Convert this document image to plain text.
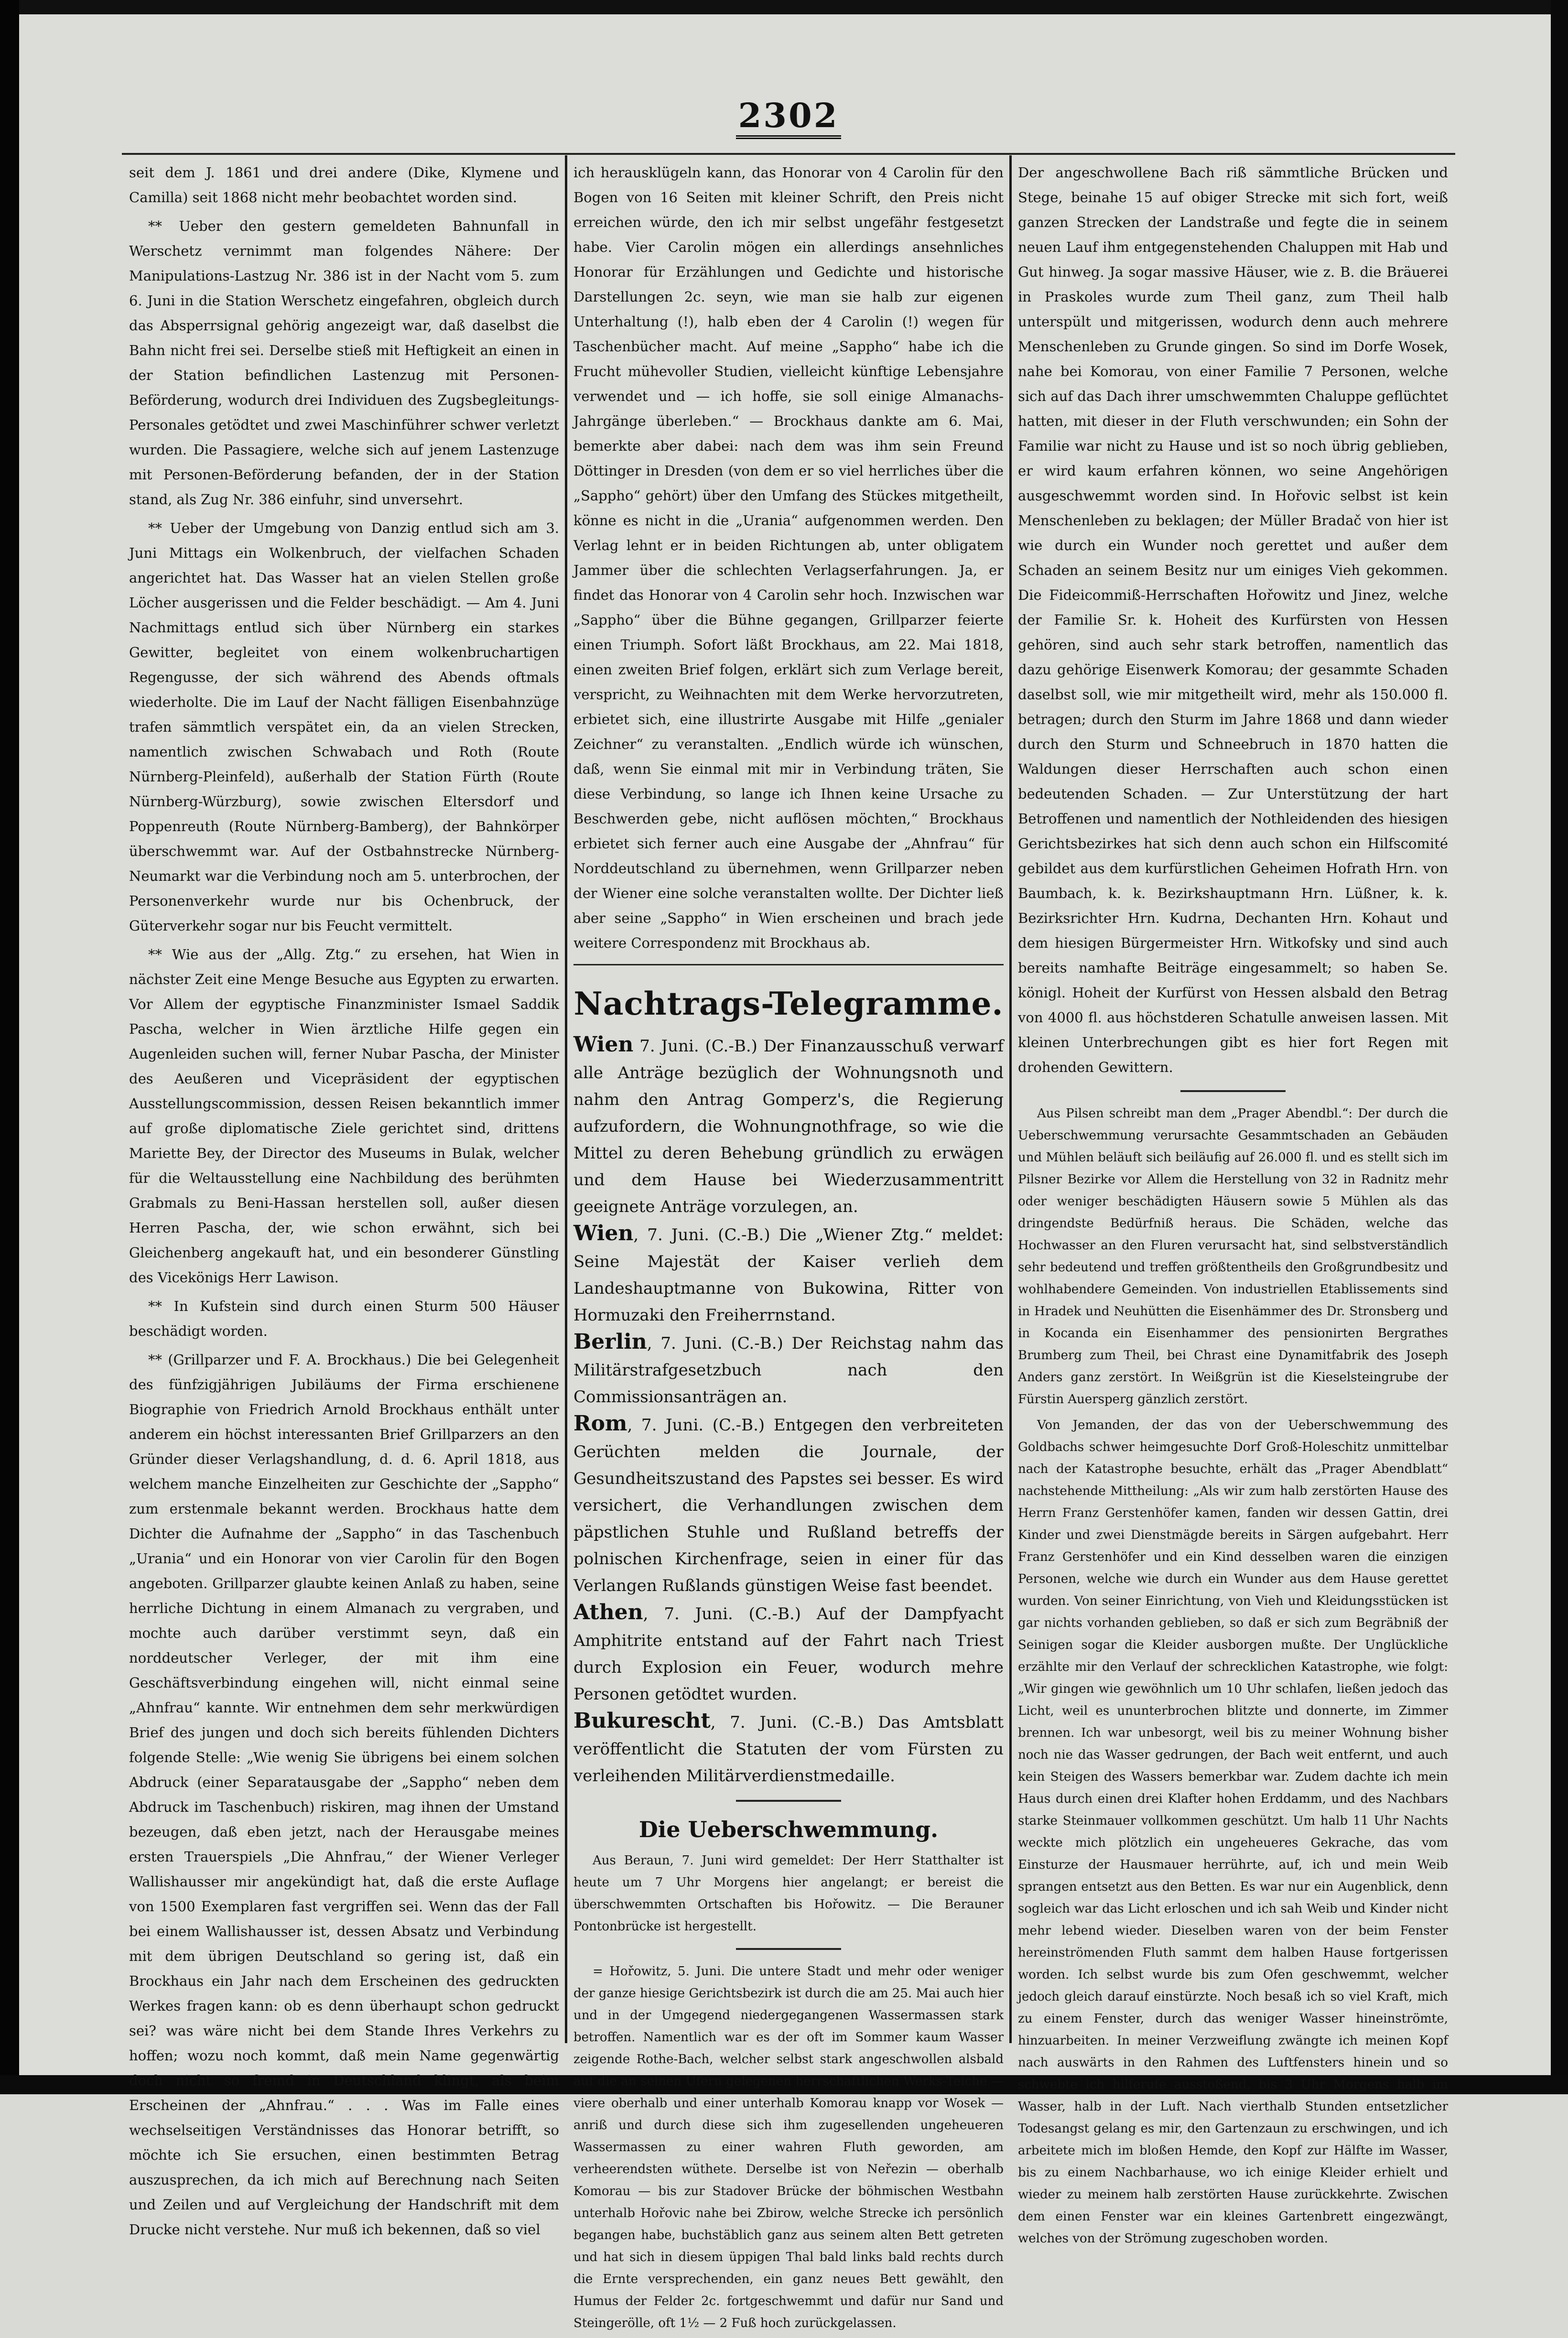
2302

seit dem J. 1861 und drei andere (Dike, Klymene und Camilla) seit 1868 nicht mehr beobachtet worden sind.

** Ueber den gestern gemeldeten Bahnunfall in Werschetz vernimmt man folgendes Nähere: Der Manipulations-Lastzug Nr. 386 ist in der Nacht vom 5. zum 6. Juni in die Station Werschetz eingefahren, obgleich durch das Absperrsignal gehörig angezeigt war, daß daselbst die Bahn nicht frei sei. Derselbe stieß mit Heftigkeit an einen in der Station befindlichen Lastenzug mit Personen-Beförderung, wodurch drei Individuen des Zugsbegleitungs-Personales getödtet und zwei Maschinführer schwer verletzt wurden. Die Passagiere, welche sich auf jenem Lastenzuge mit Personen-Beförderung befanden, der in der Station stand, als Zug Nr. 386 einfuhr, sind unversehrt.

** Ueber der Umgebung von Danzig entlud sich am 3. Juni Mittags ein Wolkenbruch, der vielfachen Schaden angerichtet hat. Das Wasser hat an vielen Stellen große Löcher ausgerissen und die Felder beschädigt. — Am 4. Juni Nachmittags entlud sich über Nürnberg ein starkes Gewitter, begleitet von einem wolkenbruchartigen Regengusse, der sich während des Abends oftmals wiederholte. Die im Lauf der Nacht fälligen Eisenbahnzüge trafen sämmtlich verspätet ein, da an vielen Strecken, namentlich zwischen Schwabach und Roth (Route Nürnberg-Pleinfeld), außerhalb der Station Fürth (Route Nürnberg-Würzburg), sowie zwischen Eltersdorf und Poppenreuth (Route Nürnberg-Bamberg), der Bahnkörper überschwemmt war. Auf der Ostbahnstrecke Nürnberg-Neumarkt war die Verbindung noch am 5. unterbrochen, der Personenverkehr wurde nur bis Ochenbruck, der Güterverkehr sogar nur bis Feucht vermittelt.

** Wie aus der „Allg. Ztg.“ zu ersehen, hat Wien in nächster Zeit eine Menge Besuche aus Egypten zu erwarten. Vor Allem der egyptische Finanzminister Ismael Saddik Pascha, welcher in Wien ärztliche Hilfe gegen ein Augenleiden suchen will, ferner Nubar Pascha, der Minister des Aeußeren und Vicepräsident der egyptischen Ausstellungscommission, dessen Reisen bekanntlich immer auf große diplomatische Ziele gerichtet sind, drittens Mariette Bey, der Director des Museums in Bulak, welcher für die Weltausstellung eine Nachbildung des berühmten Grabmals zu Beni-Hassan herstellen soll, außer diesen Herren Pascha, der, wie schon erwähnt, sich bei Gleichenberg angekauft hat, und ein besonderer Günstling des Vicekönigs Herr Lawison.

** In Kufstein sind durch einen Sturm 500 Häuser beschädigt worden.

** (Grillparzer und F. A. Brockhaus.) Die bei Gelegenheit des fünfzigjährigen Jubiläums der Firma erschienene Biographie von Friedrich Arnold Brockhaus enthält unter anderem ein höchst interessanten Brief Grillparzers an den Gründer dieser Verlagshandlung, d. d. 6. April 1818, aus welchem manche Einzelheiten zur Geschichte der „Sappho“ zum erstenmale bekannt werden. Brockhaus hatte dem Dichter die Aufnahme der „Sappho“ in das Taschenbuch „Urania“ und ein Honorar von vier Carolin für den Bogen angeboten. Grillparzer glaubte keinen Anlaß zu haben, seine herrliche Dichtung in einem Almanach zu vergraben, und mochte auch darüber verstimmt seyn, daß ein norddeutscher Verleger, der mit ihm eine Geschäftsverbindung eingehen will, nicht einmal seine „Ahnfrau“ kannte. Wir entnehmen dem sehr merkwürdigen Brief des jungen und doch sich bereits fühlenden Dichters folgende Stelle: „Wie wenig Sie übrigens bei einem solchen Abdruck (einer Separatausgabe der „Sappho“ neben dem Abdruck im Taschenbuch) riskiren, mag ihnen der Umstand bezeugen, daß eben jetzt, nach der Herausgabe meines ersten Trauerspiels „Die Ahnfrau,“ der Wiener Verleger Wallishausser mir angekündigt hat, daß die erste Auflage von 1500 Exemplaren fast vergriffen sei. Wenn das der Fall bei einem Wallishausser ist, dessen Absatz und Verbindung mit dem übrigen Deutschland so gering ist, daß ein Brockhaus ein Jahr nach dem Erscheinen des gedruckten Werkes fragen kann: ob es denn überhaupt schon gedruckt sei? was wäre nicht bei dem Stande Ihres Verkehrs zu hoffen; wozu noch kommt, daß mein Name gegenwärtig doch nicht so fremd in Deutschland klingt, als beim Erscheinen der „Ahnfrau.“ . . . Was im Falle eines wechselseitigen Verständnisses das Honorar betrifft, so möchte ich Sie ersuchen, einen bestimmten Betrag auszusprechen, da ich mich auf Berechnung nach Seiten und Zeilen und auf Vergleichung der Handschrift mit dem Drucke nicht verstehe. Nur muß ich bekennen, daß so viel

ich herausklügeln kann, das Honorar von 4 Carolin für den Bogen von 16 Seiten mit kleiner Schrift, den Preis nicht erreichen würde, den ich mir selbst ungefähr festgesetzt habe. Vier Carolin mögen ein allerdings ansehnliches Honorar für Erzählungen und Gedichte und historische Darstellungen 2c. seyn, wie man sie halb zur eigenen Unterhaltung (!), halb eben der 4 Carolin (!) wegen für Taschenbücher macht. Auf meine „Sappho“ habe ich die Frucht mühevoller Studien, vielleicht künftige Lebensjahre verwendet und — ich hoffe, sie soll einige Almanachs-Jahrgänge überleben.“ — Brockhaus dankte am 6. Mai, bemerkte aber dabei: nach dem was ihm sein Freund Döttinger in Dresden (von dem er so viel herrliches über die „Sappho“ gehört) über den Umfang des Stückes mitgetheilt, könne es nicht in die „Urania“ aufgenommen werden. Den Verlag lehnt er in beiden Richtungen ab, unter obligatem Jammer über die schlechten Verlagserfahrungen. Ja, er findet das Honorar von 4 Carolin sehr hoch. Inzwischen war „Sappho“ über die Bühne gegangen, Grillparzer feierte einen Triumph. Sofort läßt Brockhaus, am 22. Mai 1818, einen zweiten Brief folgen, erklärt sich zum Verlage bereit, verspricht, zu Weihnachten mit dem Werke hervorzutreten, erbietet sich, eine illustrirte Ausgabe mit Hilfe „genialer Zeichner“ zu veranstalten. „Endlich würde ich wünschen, daß, wenn Sie einmal mit mir in Verbindung träten, Sie diese Verbindung, so lange ich Ihnen keine Ursache zu Beschwerden gebe, nicht auflösen möchten,“ Brockhaus erbietet sich ferner auch eine Ausgabe der „Ahnfrau“ für Norddeutschland zu übernehmen, wenn Grillparzer neben der Wiener eine solche veranstalten wollte. Der Dichter ließ aber seine „Sappho“ in Wien erscheinen und brach jede weitere Correspondenz mit Brockhaus ab.

Nachtrags-Telegramme.
Wien 7. Juni. (C.-B.) Der Finanzausschuß verwarf alle Anträge bezüglich der Wohnungsnoth und nahm den Antrag Gomperz's, die Regierung aufzufordern, die Wohnungnothfrage, so wie die Mittel zu deren Behebung gründlich zu erwägen und dem Hause bei Wiederzusammentritt geeignete Anträge vorzulegen, an.
Wien, 7. Juni. (C.-B.) Die „Wiener Ztg.“ meldet: Seine Majestät der Kaiser verlieh dem Landeshauptmanne von Bukowina, Ritter von Hormuzaki den Freiherrnstand.
Berlin, 7. Juni. (C.-B.) Der Reichstag nahm das Militärstrafgesetzbuch nach den Commissionsanträgen an.
Rom, 7. Juni. (C.-B.) Entgegen den verbreiteten Gerüchten melden die Journale, der Gesundheitszustand des Papstes sei besser. Es wird versichert, die Verhandlungen zwischen dem päpstlichen Stuhle und Rußland betreffs der polnischen Kirchenfrage, seien in einer für das Verlangen Rußlands günstigen Weise fast beendet.
Athen, 7. Juni. (C.-B.) Auf der Dampfyacht Amphitrite entstand auf der Fahrt nach Triest durch Explosion ein Feuer, wodurch mehre Personen getödtet wurden.
Bukurescht, 7. Juni. (C.-B.) Das Amtsblatt veröffentlicht die Statuten der vom Fürsten zu verleihenden Militärverdienstmedaille.
Die Ueberschwemmung.

Aus Beraun, 7. Juni wird gemeldet: Der Herr Statthalter ist heute um 7 Uhr Morgens hier angelangt; er bereist die überschwemmten Ortschaften bis Hořowitz. — Die Berauner Pontonbrücke ist hergestellt.

= Hořowitz, 5. Juni. Die untere Stadt und mehr oder weniger der ganze hiesige Gerichtsbezirk ist durch die am 25. Mai auch hier und in der Umgegend niedergegangenen Wassermassen stark betroffen. Namentlich war es der oft im Sommer kaum Wasser zeigende Rothe-Bach, welcher selbst stark angeschwollen alsbald auf die an seinen Ufern gelegenen herrschaftlichen Werks-Teiche — viere oberhalb und einer unterhalb Komorau knapp vor Wosek — anriß und durch diese sich ihm zugesellenden ungeheueren Wassermassen zu einer wahren Fluth geworden, am verheerendsten wüthete. Derselbe ist von Neřezin — oberhalb Komorau — bis zur Stadover Brücke der böhmischen Westbahn unterhalb Hořovic nahe bei Zbirow, welche Strecke ich persönlich begangen habe, buchstäblich ganz aus seinem alten Bett getreten und hat sich in diesem üppigen Thal bald links bald rechts durch die Ernte versprechenden, ein ganz neues Bett gewählt, den Humus der Felder 2c. fortgeschwemmt und dafür nur Sand und Steingerölle, oft 1½ — 2 Fuß hoch zurückgelassen.

Der angeschwollene Bach riß sämmtliche Brücken und Stege, beinahe 15 auf obiger Strecke mit sich fort, weiß ganzen Strecken der Landstraße und fegte die in seinem neuen Lauf ihm entgegenstehenden Chaluppen mit Hab und Gut hinweg. Ja sogar massive Häuser, wie z. B. die Bräuerei in Praskoles wurde zum Theil ganz, zum Theil halb unterspült und mitgerissen, wodurch denn auch mehrere Menschenleben zu Grunde gingen. So sind im Dorfe Wosek, nahe bei Komorau, von einer Familie 7 Personen, welche sich auf das Dach ihrer umschwemmten Chaluppe geflüchtet hatten, mit dieser in der Fluth verschwunden; ein Sohn der Familie war nicht zu Hause und ist so noch übrig geblieben, er wird kaum erfahren können, wo seine Angehörigen ausgeschwemmt worden sind. In Hořovic selbst ist kein Menschenleben zu beklagen; der Müller Bradač von hier ist wie durch ein Wunder noch gerettet und außer dem Schaden an seinem Besitz nur um einiges Vieh gekommen. Die Fideicommiß-Herrschaften Hořowitz und Jinez, welche der Familie Sr. k. Hoheit des Kurfürsten von Hessen gehören, sind auch sehr stark betroffen, namentlich das dazu gehörige Eisenwerk Komorau; der gesammte Schaden daselbst soll, wie mir mitgetheilt wird, mehr als 150.000 fl. betragen; durch den Sturm im Jahre 1868 und dann wieder durch den Sturm und Schneebruch in 1870 hatten die Waldungen dieser Herrschaften auch schon einen bedeutenden Schaden. — Zur Unterstützung der hart Betroffenen und namentlich der Nothleidenden des hiesigen Gerichtsbezirkes hat sich denn auch schon ein Hilfscomité gebildet aus dem kurfürstlichen Geheimen Hofrath Hrn. von Baumbach, k. k. Bezirkshauptmann Hrn. Lüßner, k. k. Bezirksrichter Hrn. Kudrna, Dechanten Hrn. Kohaut und dem hiesigen Bürgermeister Hrn. Witkofsky und sind auch bereits namhafte Beiträge eingesammelt; so haben Se. königl. Hoheit der Kurfürst von Hessen alsbald den Betrag von 4000 fl. aus höchstderen Schatulle anweisen lassen. Mit kleinen Unterbrechungen gibt es hier fort Regen mit drohenden Gewittern.

Aus Pilsen schreibt man dem „Prager Abendbl.“: Der durch die Ueberschwemmung verursachte Gesammtschaden an Gebäuden und Mühlen beläuft sich beiläufig auf 26.000 fl. und es stellt sich im Pilsner Bezirke vor Allem die Herstellung von 32 in Radnitz mehr oder weniger beschädigten Häusern sowie 5 Mühlen als das dringendste Bedürfniß heraus. Die Schäden, welche das Hochwasser an den Fluren verursacht hat, sind selbstverständlich sehr bedeutend und treffen größtentheils den Großgrundbesitz und wohlhabendere Gemeinden. Von industriellen Etablissements sind in Hradek und Neuhütten die Eisenhämmer des Dr. Stronsberg und in Kocanda ein Eisenhammer des pensionirten Bergrathes Brumberg zum Theil, bei Chrast eine Dynamitfabrik des Joseph Anders ganz zerstört. In Weißgrün ist die Kieselsteingrube der Fürstin Auersperg gänzlich zerstört.

Von Jemanden, der das von der Ueberschwemmung des Goldbachs schwer heimgesuchte Dorf Groß-Holeschitz unmittelbar nach der Katastrophe besuchte, erhält das „Prager Abendblatt“ nachstehende Mittheilung: „Als wir zum halb zerstörten Hause des Herrn Franz Gerstenhöfer kamen, fanden wir dessen Gattin, drei Kinder und zwei Dienstmägde bereits in Särgen aufgebahrt. Herr Franz Gerstenhöfer und ein Kind desselben waren die einzigen Personen, welche wie durch ein Wunder aus dem Hause gerettet wurden. Von seiner Einrichtung, von Vieh und Kleidungsstücken ist gar nichts vorhanden geblieben, so daß er sich zum Begräbniß der Seinigen sogar die Kleider ausborgen mußte. Der Unglückliche erzählte mir den Verlauf der schrecklichen Katastrophe, wie folgt: „Wir gingen wie gewöhnlich um 10 Uhr schlafen, ließen jedoch das Licht, weil es ununterbrochen blitzte und donnerte, im Zimmer brennen. Ich war unbesorgt, weil bis zu meiner Wohnung bisher noch nie das Wasser gedrungen, der Bach weit entfernt, und auch kein Steigen des Wassers bemerkbar war. Zudem dachte ich mein Haus durch einen drei Klafter hohen Erddamm, und des Nachbars starke Steinmauer vollkommen geschützt. Um halb 11 Uhr Nachts weckte mich plötzlich ein ungeheueres Gekrache, das vom Einsturze der Hausmauer herrührte, auf, ich und mein Weib sprangen entsetzt aus den Betten. Es war nur ein Augenblick, denn sogleich war das Licht erloschen und ich sah Weib und Kinder nicht mehr lebend wieder. Dieselben waren von der beim Fenster hereinströmenden Fluth sammt dem halben Hause fortgerissen worden. Ich selbst wurde bis zum Ofen geschwemmt, welcher jedoch gleich darauf einstürzte. Noch besaß ich so viel Kraft, mich zu einem Fenster, durch das weniger Wasser hineinströmte, hinzuarbeiten. In meiner Verzweiflung zwängte ich meinen Kopf nach auswärts in den Rahmen des Luftfensters hinein und so schwebte ich hilferufe ausstoßend, bis 3 Uhr Morgens halb im Wasser, halb in der Luft. Nach vierthalb Stunden entsetzlicher Todesangst gelang es mir, den Gartenzaun zu erschwingen, und ich arbeitete mich im bloßen Hemde, den Kopf zur Hälfte im Wasser, bis zu einem Nachbarhause, wo ich einige Kleider erhielt und wieder zu meinem halb zerstörten Hause zurückkehrte. Zwischen dem einen Fenster war ein kleines Gartenbrett eingezwängt, welches von der Strömung zugeschoben worden.
